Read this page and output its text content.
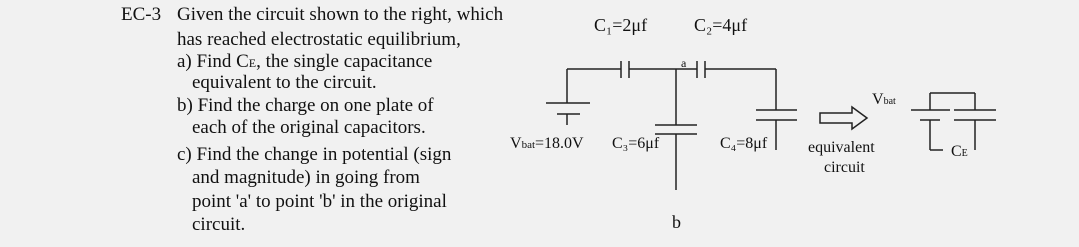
EC-3 Given the circuit shown to the right, which
has reached electrostatic equilibrium,
a) Find CE, the single capacitance
equivalent to the circuit.
b) Find the charge on one plate of
each of the original capacitors.
c) Find the change in potential (sign
and magnitude) in going from
point 'a' to point 'b' in the original
circuit.
C₁=2μf	C₂=4μf
a
b
Vbat=18.0V C₃=6μf	C₄=8μf	equivalent
circuit
Vbat
CE
